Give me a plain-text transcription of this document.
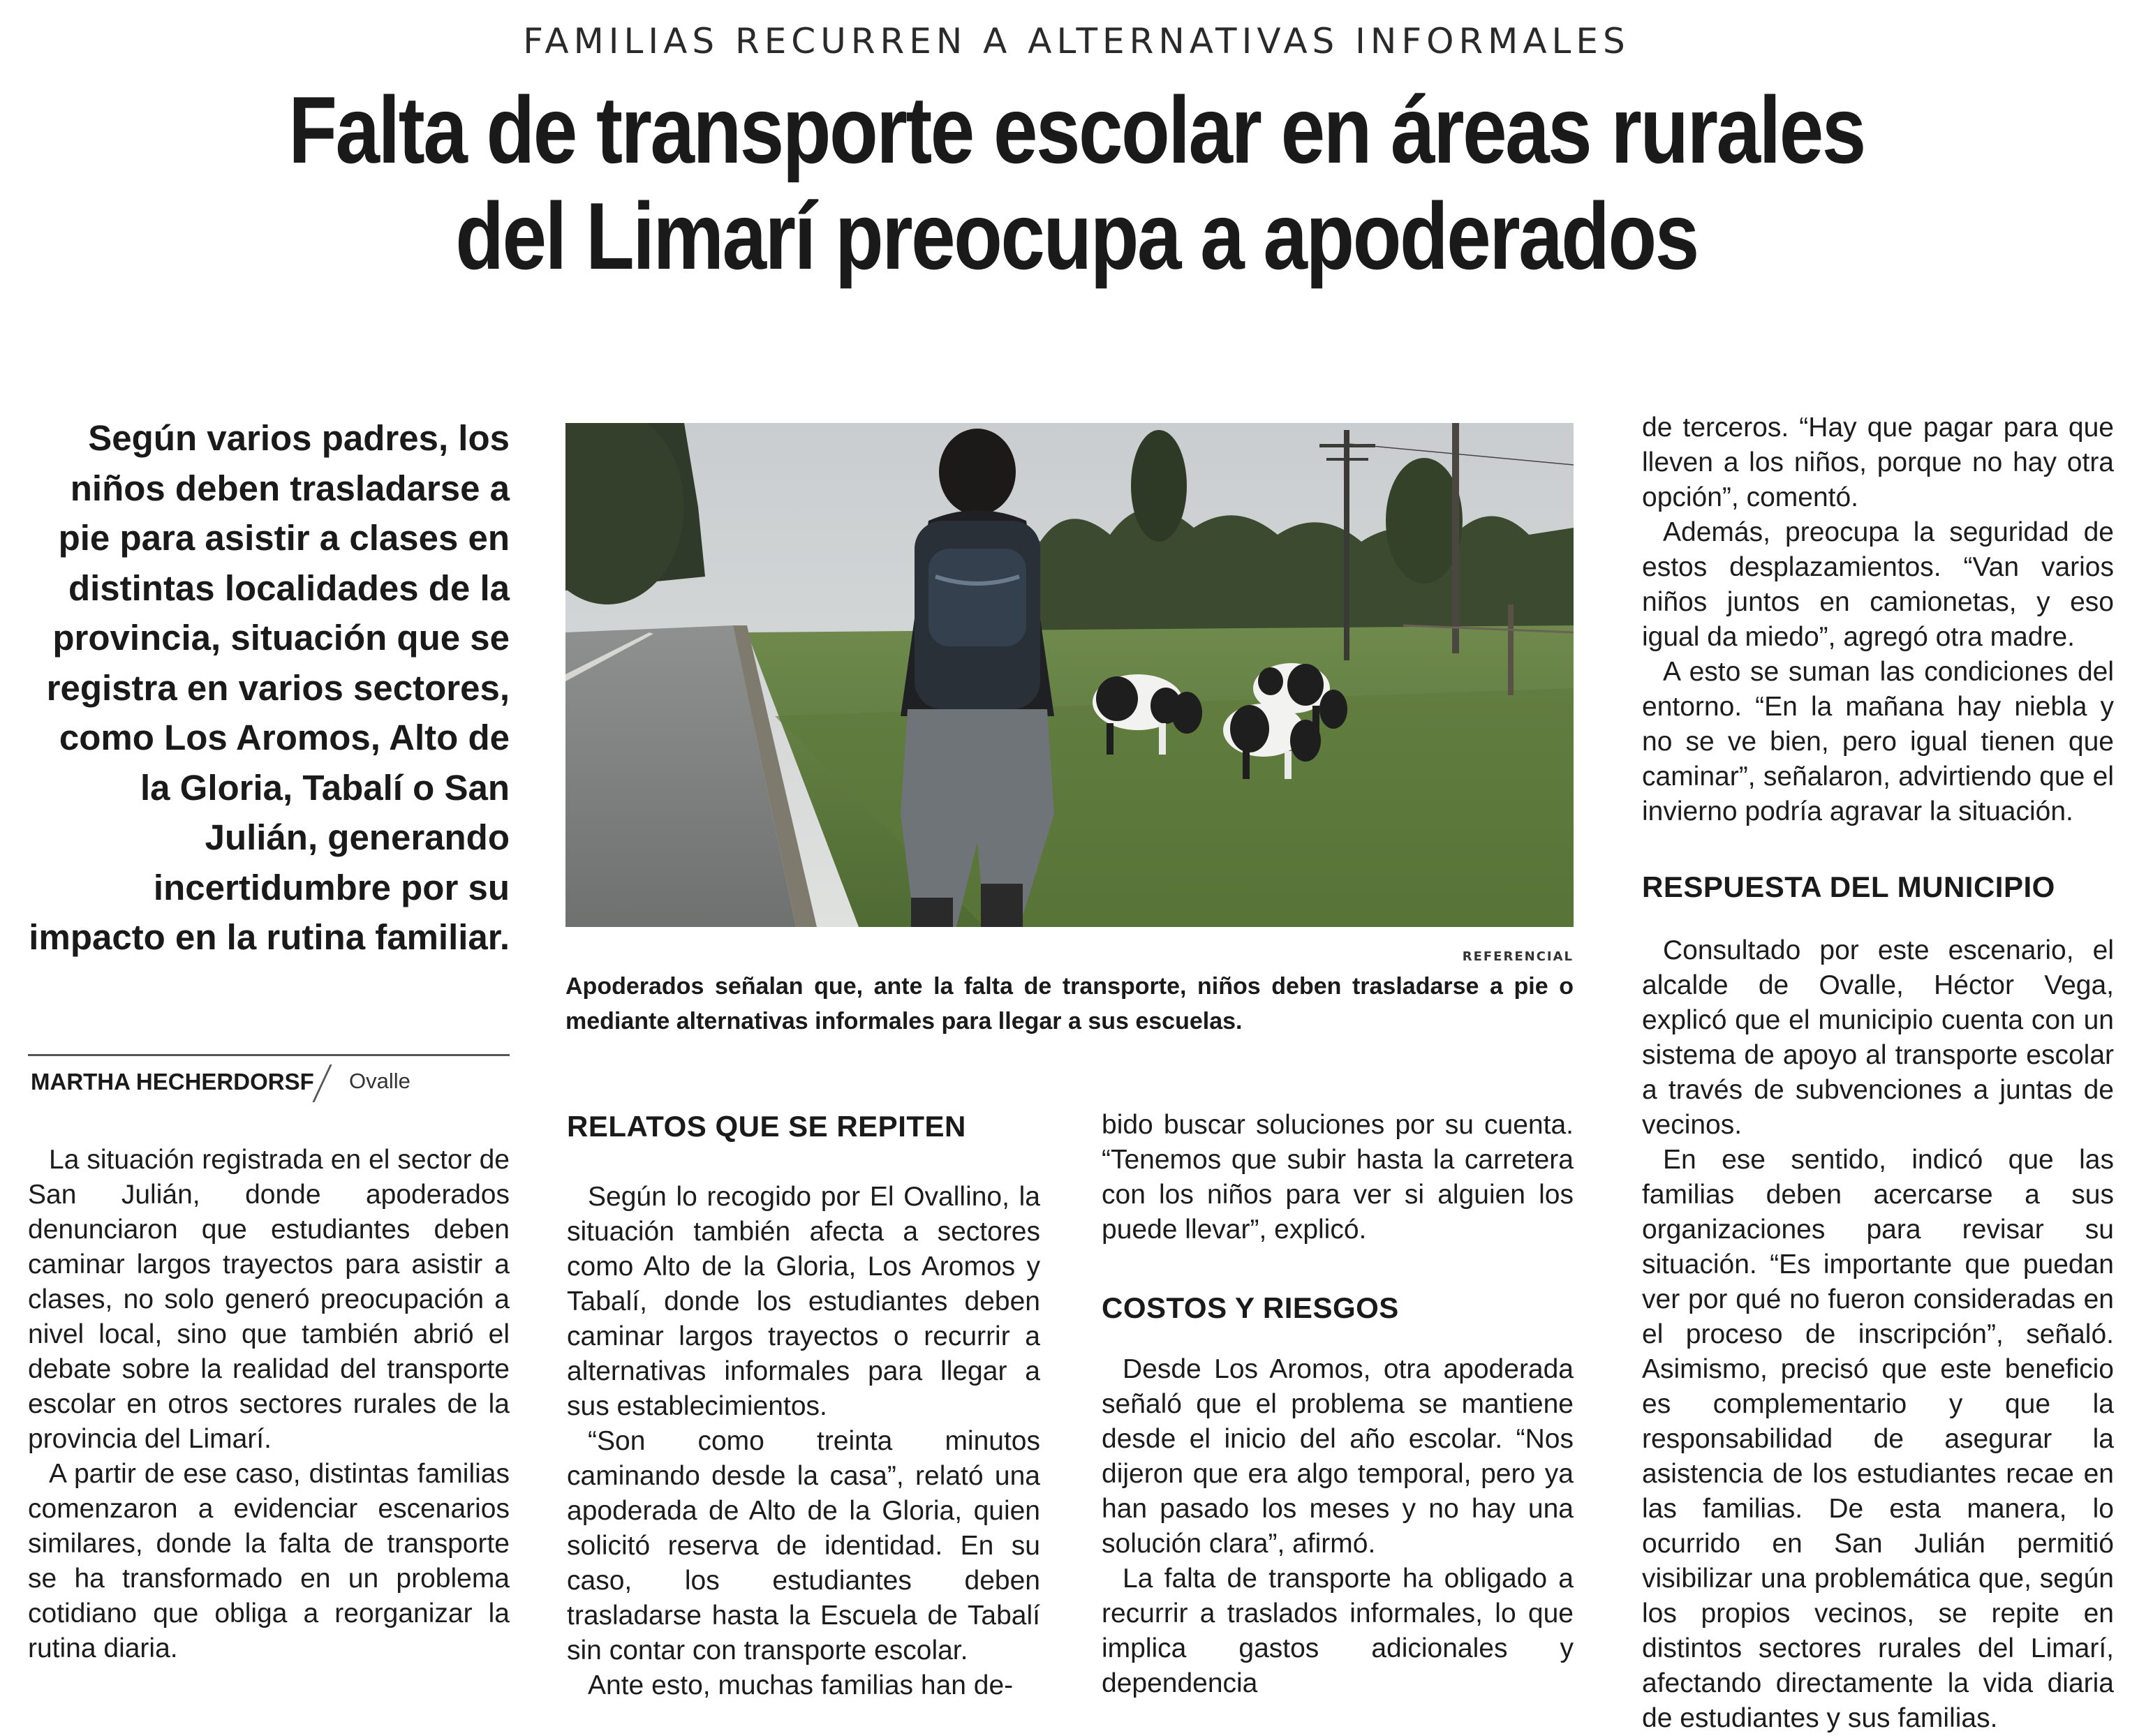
FAMILIAS RECURREN A ALTERNATIVAS INFORMALES
Falta de transporte escolar en áreas rurales
del Limarí preocupa a apoderados
Según varios padres, los niños deben trasladarse a pie para asistir a clases en distintas localidades de la provincia, situación que se registra en varios sectores, como Los Aromos, Alto de la Gloria, Tabalí o San Julián, generando incertidumbre por su impacto en la rutina familiar.	REFERENCIAL
Apoderados señalan que, ante la falta de transporte, niños deben trasladarse a pie o mediante alternativas informales para llegar a sus escuelas.
MARTHA HECHERDORSF Ovalle

La situación registrada en el sector de San Julián, donde apoderados denunciaron que estudiantes deben caminar largos trayectos para asistir a clases, no solo generó preocupación a nivel local, sino que también abrió el debate sobre la realidad del transporte escolar en otros sectores rurales de la provincia del Limarí.

A partir de ese caso, distintas familias comenzaron a evidenciar escenarios similares, donde la falta de transporte se ha transformado en un problema cotidiano que obliga a reorganizar la rutina diaria.

RELATOS QUE SE REPITEN

Según lo recogido por El Ovallino, la situación también afecta a sectores como Alto de la Gloria, Los Aromos y Tabalí, donde los estudiantes deben caminar largos trayectos o recurrir a alternativas informales para llegar a sus establecimientos.

“Son como treinta minutos caminando desde la casa”, relató una apoderada de Alto de la Gloria, quien solicitó reserva de identidad. En su caso, los estudiantes deben trasladarse hasta la Escuela de Tabalí sin contar con transporte escolar.

Ante esto, muchas familias han de-

bido buscar soluciones por su cuenta. “Tenemos que subir hasta la carretera con los niños para ver si alguien los puede llevar”, explicó.

COSTOS Y RIESGOS

Desde Los Aromos, otra apoderada señaló que el problema se mantiene desde el inicio del año escolar. “Nos dijeron que era algo temporal, pero ya han pasado los meses y no hay una solución clara”, afirmó.

La falta de transporte ha obligado a recurrir a traslados informales, lo que implica gastos adicionales y dependencia

de terceros. “Hay que pagar para que lleven a los niños, porque no hay otra opción”, comentó.

Además, preocupa la seguridad de estos desplazamientos. “Van varios niños juntos en camionetas, y eso igual da miedo”, agregó otra madre.

A esto se suman las condiciones del entorno. “En la mañana hay niebla y no se ve bien, pero igual tienen que caminar”, señalaron, advirtiendo que el invierno podría agravar la situación.

RESPUESTA DEL MUNICIPIO

Consultado por este escenario, el alcalde de Ovalle, Héctor Vega, explicó que el municipio cuenta con un sistema de apoyo al transporte escolar a través de subvenciones a juntas de vecinos.

En ese sentido, indicó que las familias deben acercarse a sus organizaciones para revisar su situación. “Es importante que puedan ver por qué no fueron consideradas en el proceso de inscripción”, señaló. Asimismo, precisó que este beneficio es complementario y que la responsabilidad de asegurar la asistencia de los estudiantes recae en las familias. De esta manera, lo ocurrido en San Julián permitió visibilizar una problemática que, según los propios vecinos, se repite en distintos sectores rurales del Limarí, afectando directamente la vida diaria de estudiantes y sus familias.
